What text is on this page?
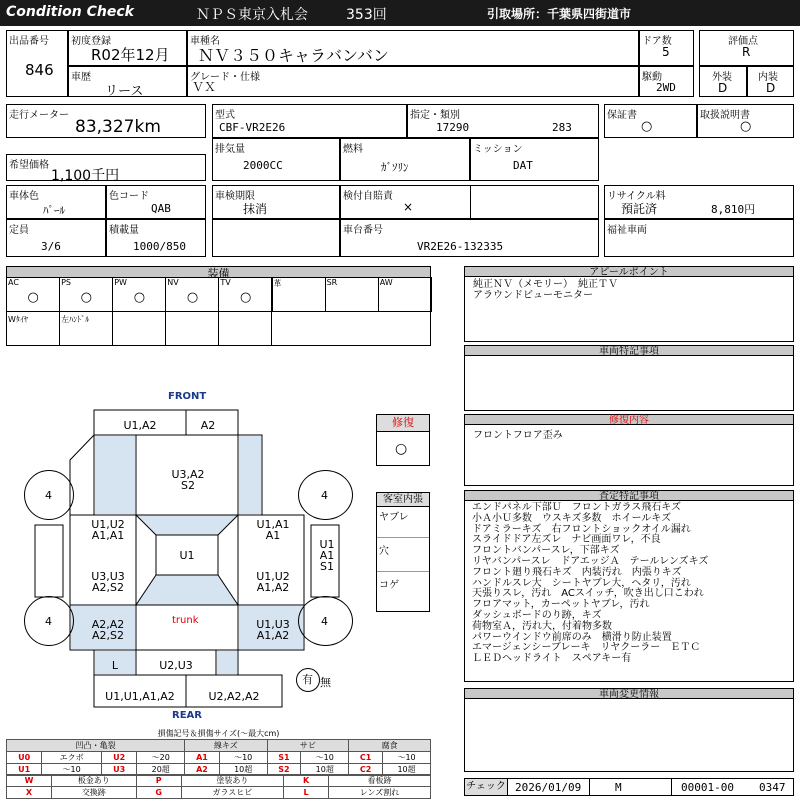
Condition Check	ＮＰＳ東京入札会	353回	引取場所：千葉県四街道市
出品番号
846
初度登録
R02年12月
車種名
ＮＶ３５０キャラバンバン
ドア数
5
評価点
R
車歴
リース
グレード・仕様
ＶＸ
駆動
2WD
外装
D
内装
D
走行メーター
83,327km
希望価格
1,100千円
型式
CBF-VR2E26
指定・類別
17290	283
保証書
○
取扱説明書
○
排気量
2000CC
燃料
ｶﾞｿﾘﾝ
ミッション
DAT
車体色
ﾊﾟｰﾙ
色コード
QAB
車検期限
抹消
検付自賠責
×
リサイクル料
預託済	8,810円
定員
3/6
積載量
1000/850
車台番号
VR2E26-132335
福祉車両
装備
AC
○
PS
○
PW
○
NV
○
TV
○
革	SR	AW
Wﾀｲﾔ	左ﾊﾝﾄﾞﾙ
アピールポイント
純正ＮＶ（メモリー）　純正ＴＶ
アラウンドビューモニター
車両特記事項
修復
○
修復内容
フロントフロア歪み
客室内張
ヤブレ
穴
コゲ
査定特記事項
エンドパネル下部Ｕ　フロントガラス飛石キズ
小Ａ小Ｕ多数　ウスキズ多数　ホイールキズ
ドアミラーキズ　右フロントショックオイル漏れ
スライドドア左ズレ　ナビ画面ワレ，不良
フロントバンパースレ，下部キズ
リヤバンパースレ　ドアエッジＡ　テールレンズキズ
フロント廻り飛石キズ　内装汚れ　内張りキズ
ハンドルスレ大　シートヤブレ大，ヘタリ，汚れ
天張りスレ，汚れ　ACスイッチ，吹き出し口こわれ
フロアマット，カーペットヤブレ，汚れ
ダッシュボードのり跡，キズ
荷物室Ａ，汚れ大，付着物多数
パワーウインドウ前席のみ　横滑り防止装置
エマージェンシーブレーキ　リヤクーラー　ＥＴＣ
ＬＥＤヘッドライト　スペアキー有
車両変更情報
チェック 2026/01/09	M	00001-00 0347
FRONT
REAR
trunk
4	4
4	4
U1,A2	A2
U3,A2
S2
U1,U2
A1,A1
U1,A1
A1
U1
U3,U3
A2,S2
U1,U2
A1,A2
A2,A2
A2,S2
U1,U3
A1,A2
U1
A1
S1
L	U2,U3
U1,U1,A1,A2	U2,A2,A2
有 無
損傷記号＆損傷サイズ(〜最大cm)
凹凸・亀裂				線キズ		サビ		腐食	
U0	エクボ	U2	〜20	A1	〜10	S1	〜10	C1	〜10
U1	〜10	U3	20超	A2	10超	S2	10超	C2	10超
W	板金あり	P	塗装あり	K	看板跡
X	交換跡	G	ガラスヒビ	L	レンズ割れ
